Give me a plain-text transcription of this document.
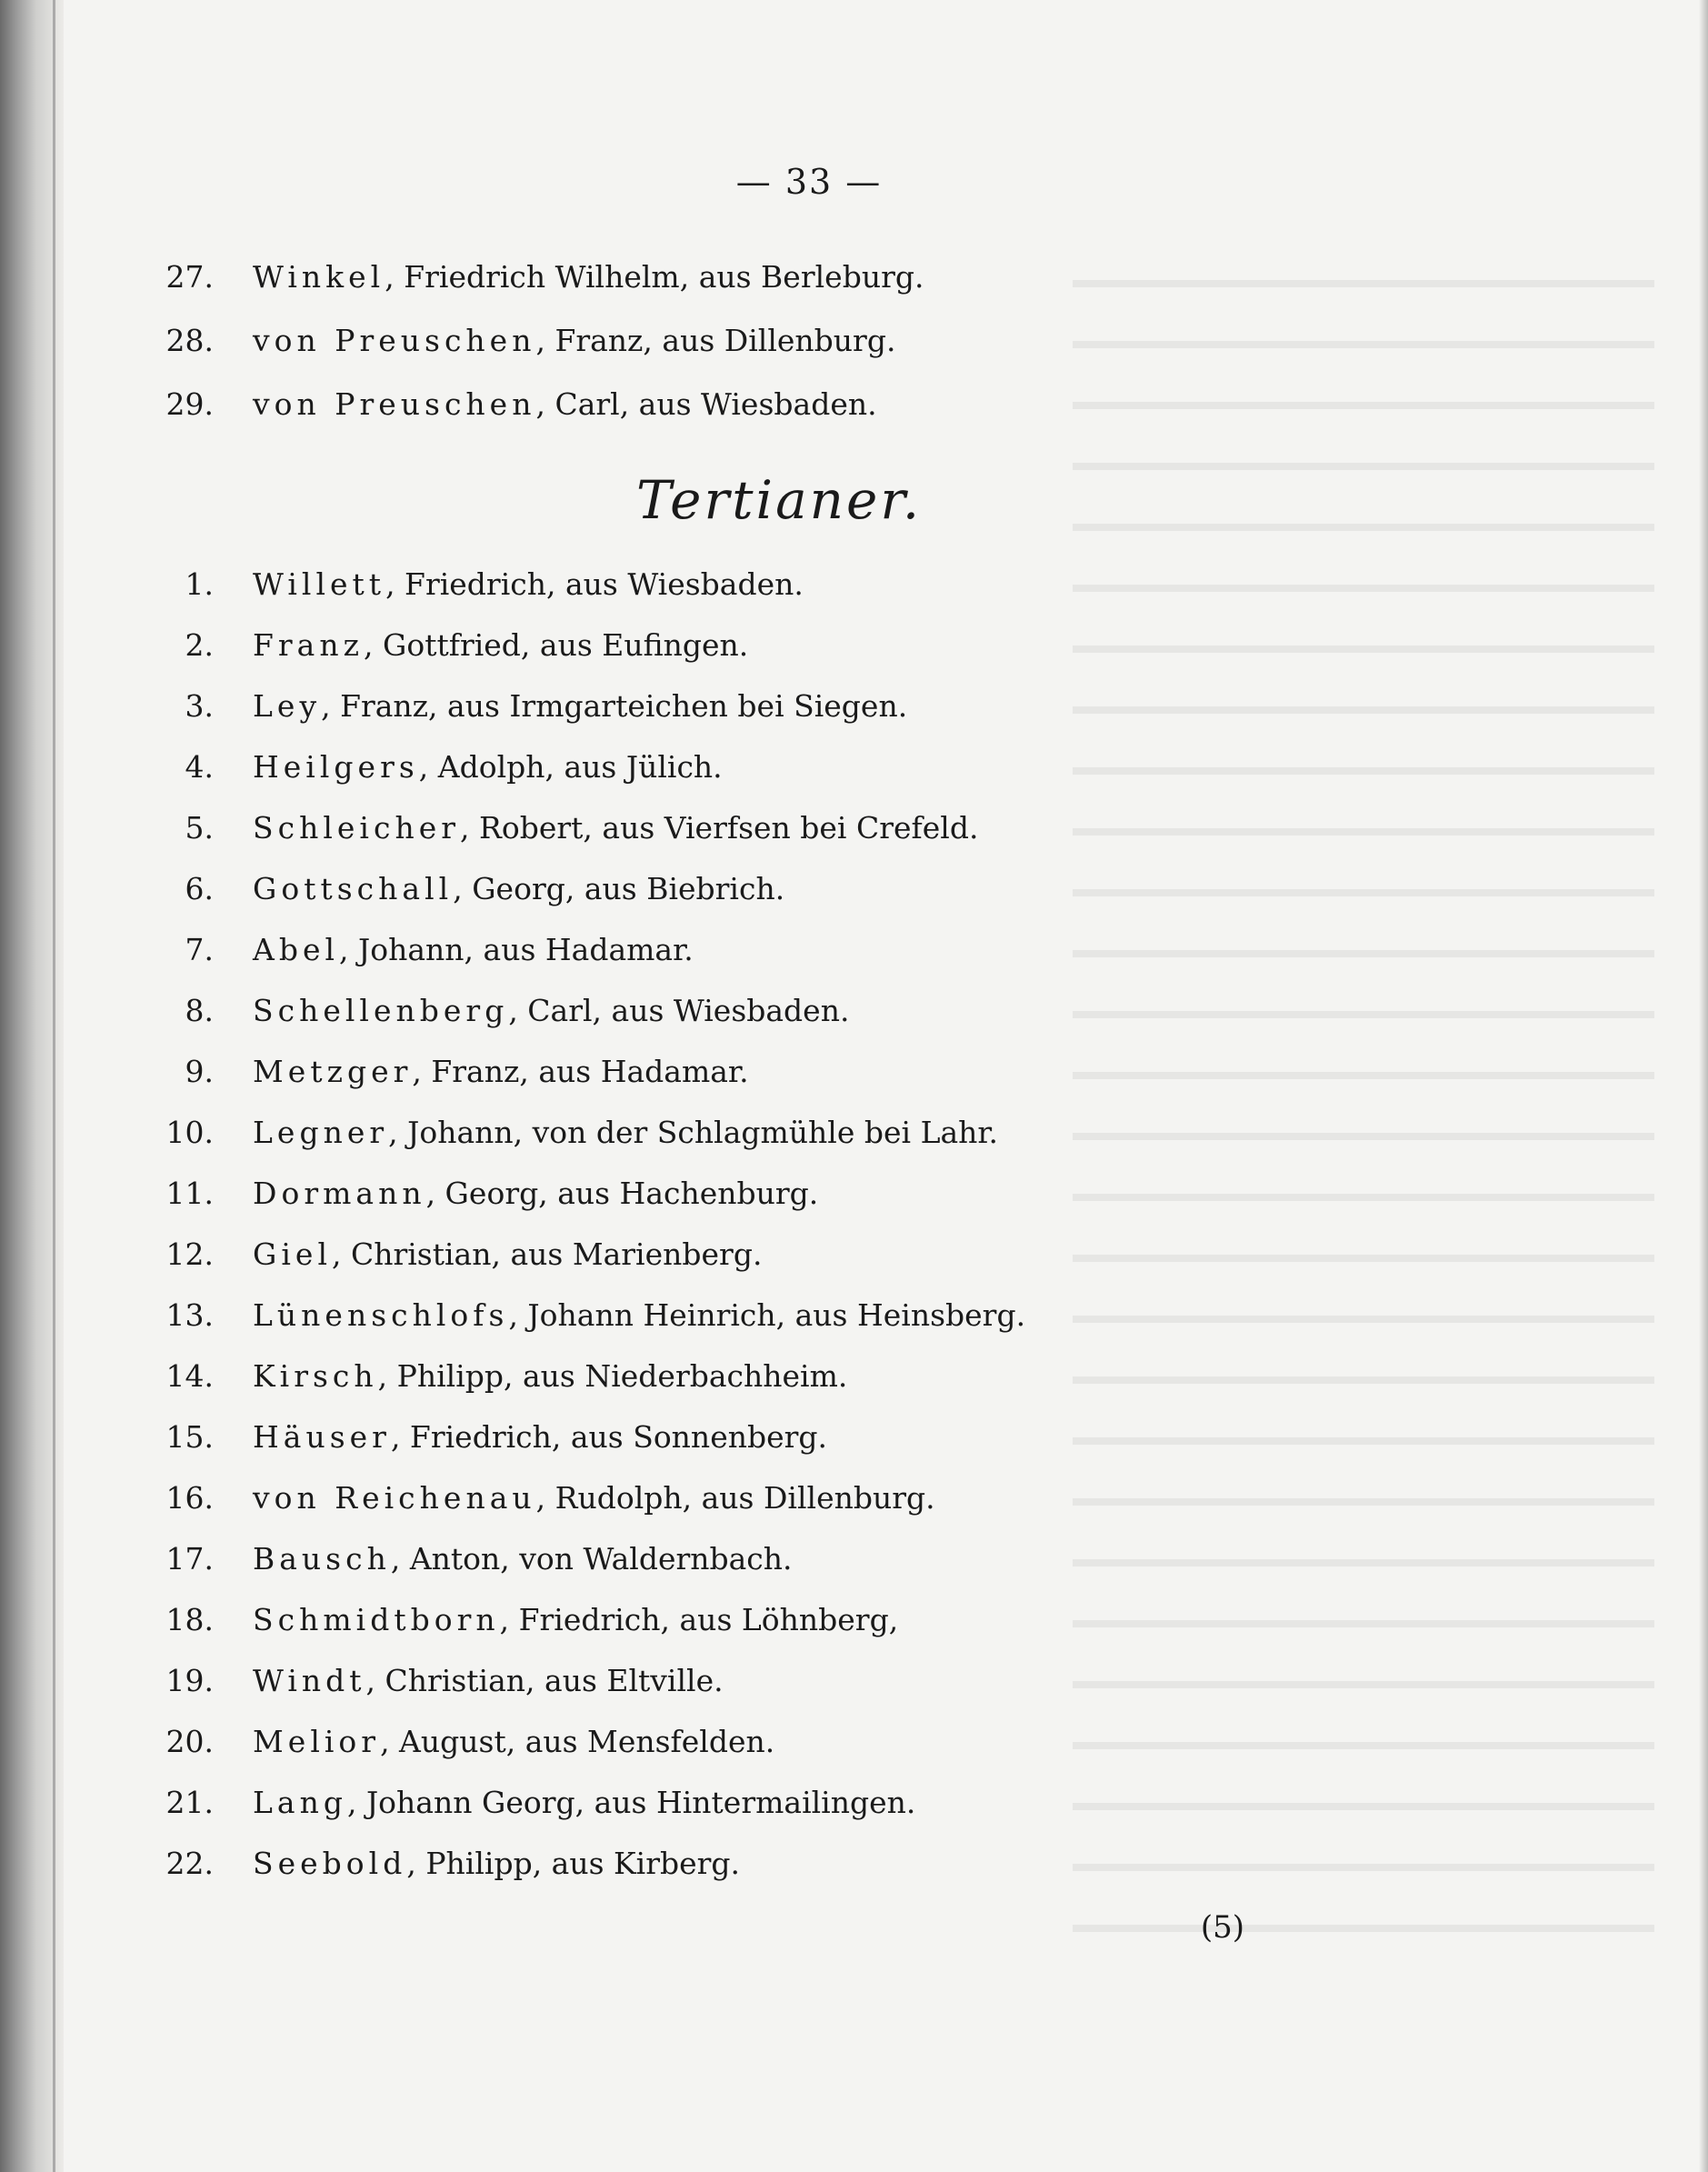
— 33 —
27. Winkel, Friedrich Wilhelm, aus Berleburg.
28. von Preuschen, Franz, aus Dillenburg.
29. von Preuschen, Carl, aus Wiesbaden.
Tertianer.
1. Willett, Friedrich, aus Wiesbaden.
2. Franz, Gottfried, aus Eufingen.
3. Ley, Franz, aus Irmgarteichen bei Siegen.
4. Heilgers, Adolph, aus Jülich.
5. Schleicher, Robert, aus Vierfsen bei Crefeld.
6. Gottschall, Georg, aus Biebrich.
7. Abel, Johann, aus Hadamar.
8. Schellenberg, Carl, aus Wiesbaden.
9. Metzger, Franz, aus Hadamar.
10. Legner, Johann, von der Schlagmühle bei Lahr.
11. Dormann, Georg, aus Hachenburg.
12. Giel, Christian, aus Marienberg.
13. Lünenschlofs, Johann Heinrich, aus Heinsberg.
14. Kirsch, Philipp, aus Niederbachheim.
15. Häuser, Friedrich, aus Sonnenberg.
16. von Reichenau, Rudolph, aus Dillenburg.
17. Bausch, Anton, von Waldernbach.
18. Schmidtborn, Friedrich, aus Löhnberg,
19. Windt, Christian, aus Eltville.
20. Melior, August, aus Mensfelden.
21. Lang, Johann Georg, aus Hintermailingen.
22. Seebold, Philipp, aus Kirberg.
(5)
